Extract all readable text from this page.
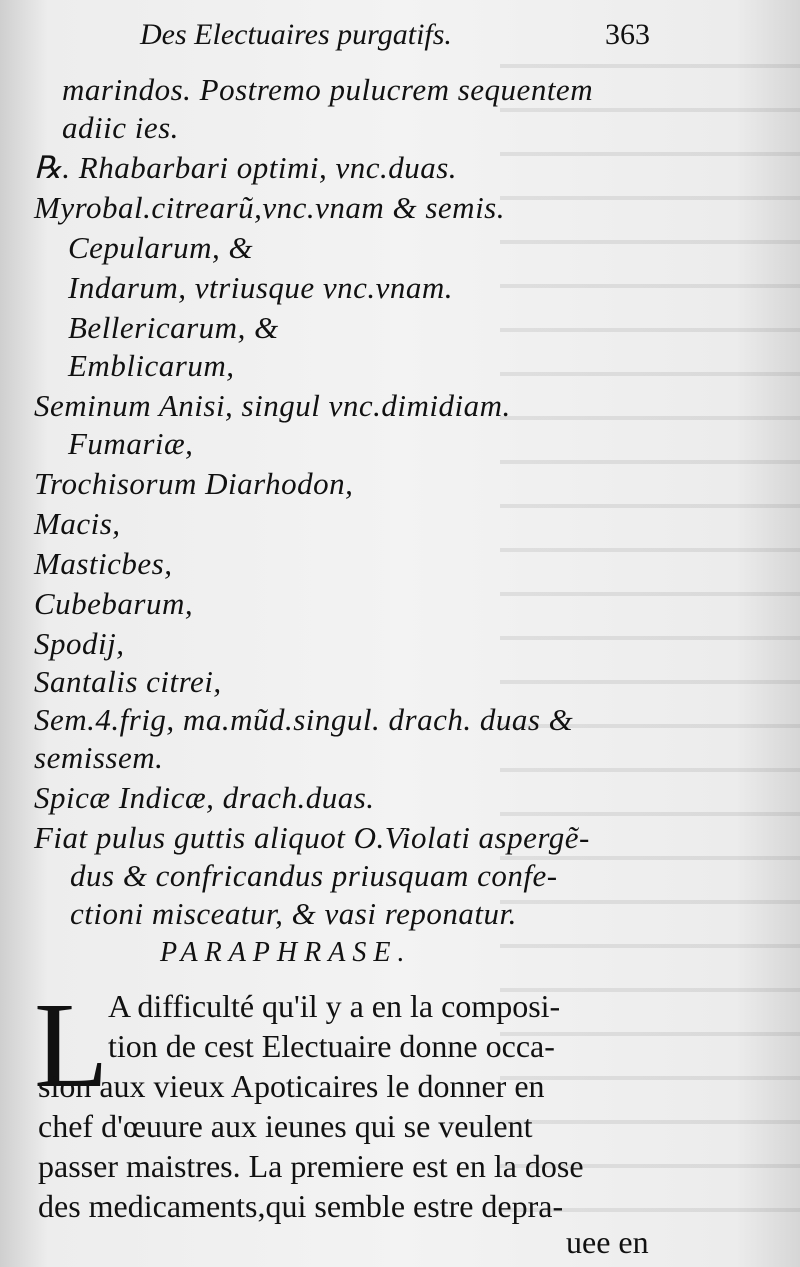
Des Electuaires purgatifs.	363
marindos. Postremo pulucrem sequentem
adiic ies.
℞. Rhabarbari optimi, vnc.duas.
Myrobal.citrearũ,vnc.vnam & semis.
Cepularum, &
Indarum, vtriusque vnc.vnam.
Bellericarum, &
Emblicarum,
Seminum Anisi, singul vnc.dimidiam.
Fumariæ,
Trochisorum Diarhodon,
Macis,
Masticbes,
Cubebarum,
Spodij,
Santalis citrei,
Sem.4.frig, ma.mũd.singul. drach. duas &
semissem.
Spicæ Indicæ, drach.duas.
Fiat pulus guttis aliquot O.Violati aspergẽ-
dus & confricandus priusquam confe-
ctioni misceatur, & vasi reponatur.
PARAPHRASE.
L A difficulté qu'il y a en la composi-
tion de cest Electuaire donne occa-
sion aux vieux Apoticaires le donner en
chef d'œuure aux ieunes qui se veulent
passer maistres. La premiere est en la dose
des medicaments,qui semble estre depra-
uee en
